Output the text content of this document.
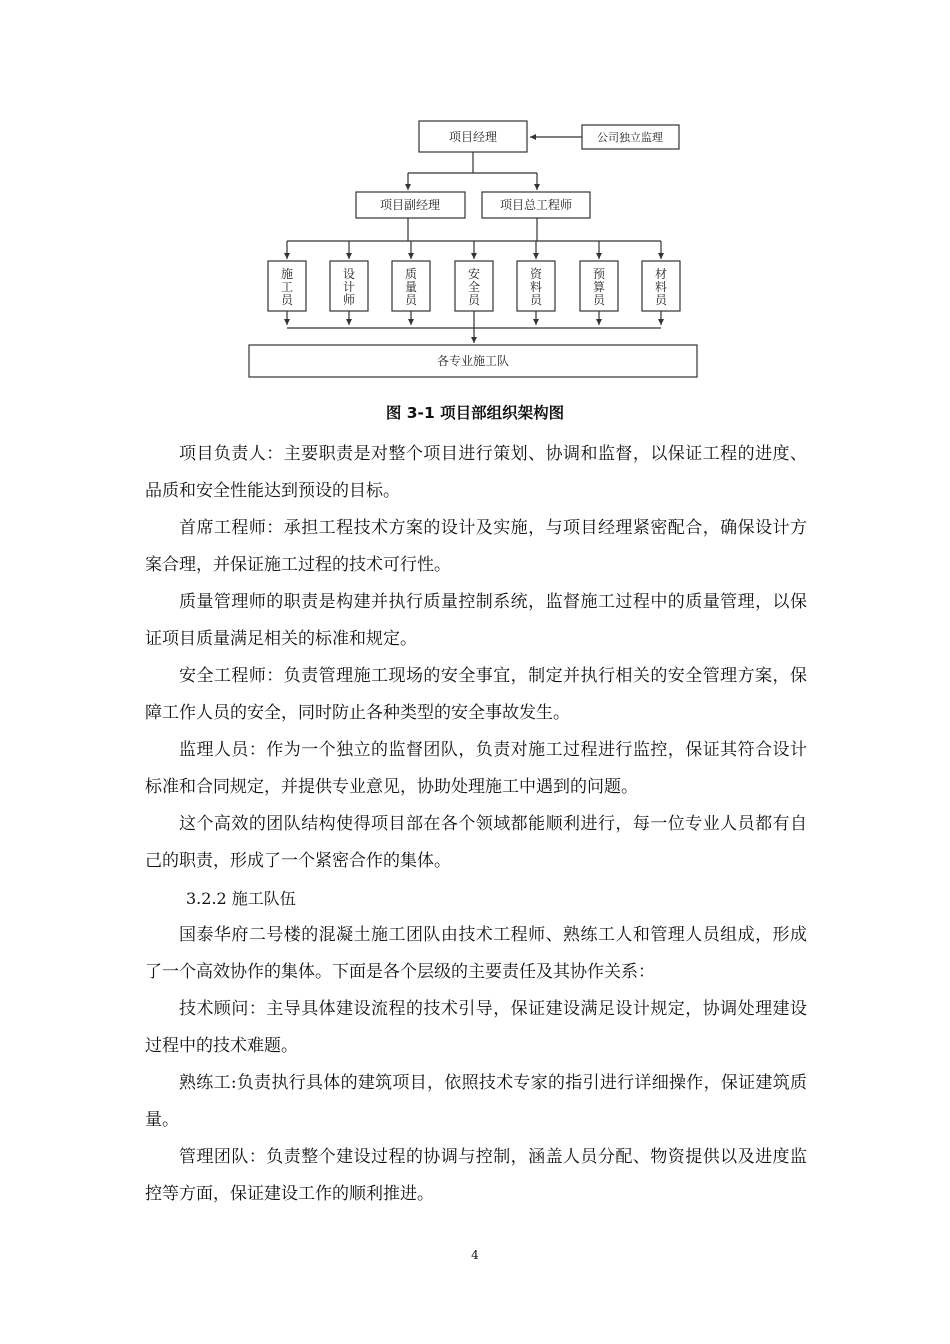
项目经理	公司独立监理
项目副经理	项目总工程师
施工员
设计师
质量员
安全员
资料员
预算员
材料员
各专业施工队
图 3-1 项目部组织架构图

项目负责人：主要职责是对整个项目进行策划、协调和监督，以保证工程的进度、品质和安全性能达到预设的目标。

首席工程师：承担工程技术方案的设计及实施，与项目经理紧密配合，确保设计方案合理，并保证施工过程的技术可行性。

质量管理师的职责是构建并执行质量控制系统，监督施工过程中的质量管理，以保证项目质量满足相关的标准和规定。

安全工程师：负责管理施工现场的安全事宜，制定并执行相关的安全管理方案，保障工作人员的安全，同时防止各种类型的安全事故发生。

监理人员：作为一个独立的监督团队，负责对施工过程进行监控，保证其符合设计标准和合同规定，并提供专业意见，协助处理施工中遇到的问题。

这个高效的团队结构使得项目部在各个领域都能顺利进行，每一位专业人员都有自己的职责，形成了一个紧密合作的集体。

3.2.2 施工队伍

国泰华府二号楼的混凝土施工团队由技术工程师、熟练工人和管理人员组成，形成了一个高效协作的集体。下面是各个层级的主要责任及其协作关系：

技术顾问：主导具体建设流程的技术引导，保证建设满足设计规定，协调处理建设过程中的技术难题。

熟练工:负责执行具体的建筑项目，依照技术专家的指引进行详细操作，保证建筑质量。

管理团队：负责整个建设过程的协调与控制，涵盖人员分配、物资提供以及进度监控等方面，保证建设工作的顺利推进。

4
